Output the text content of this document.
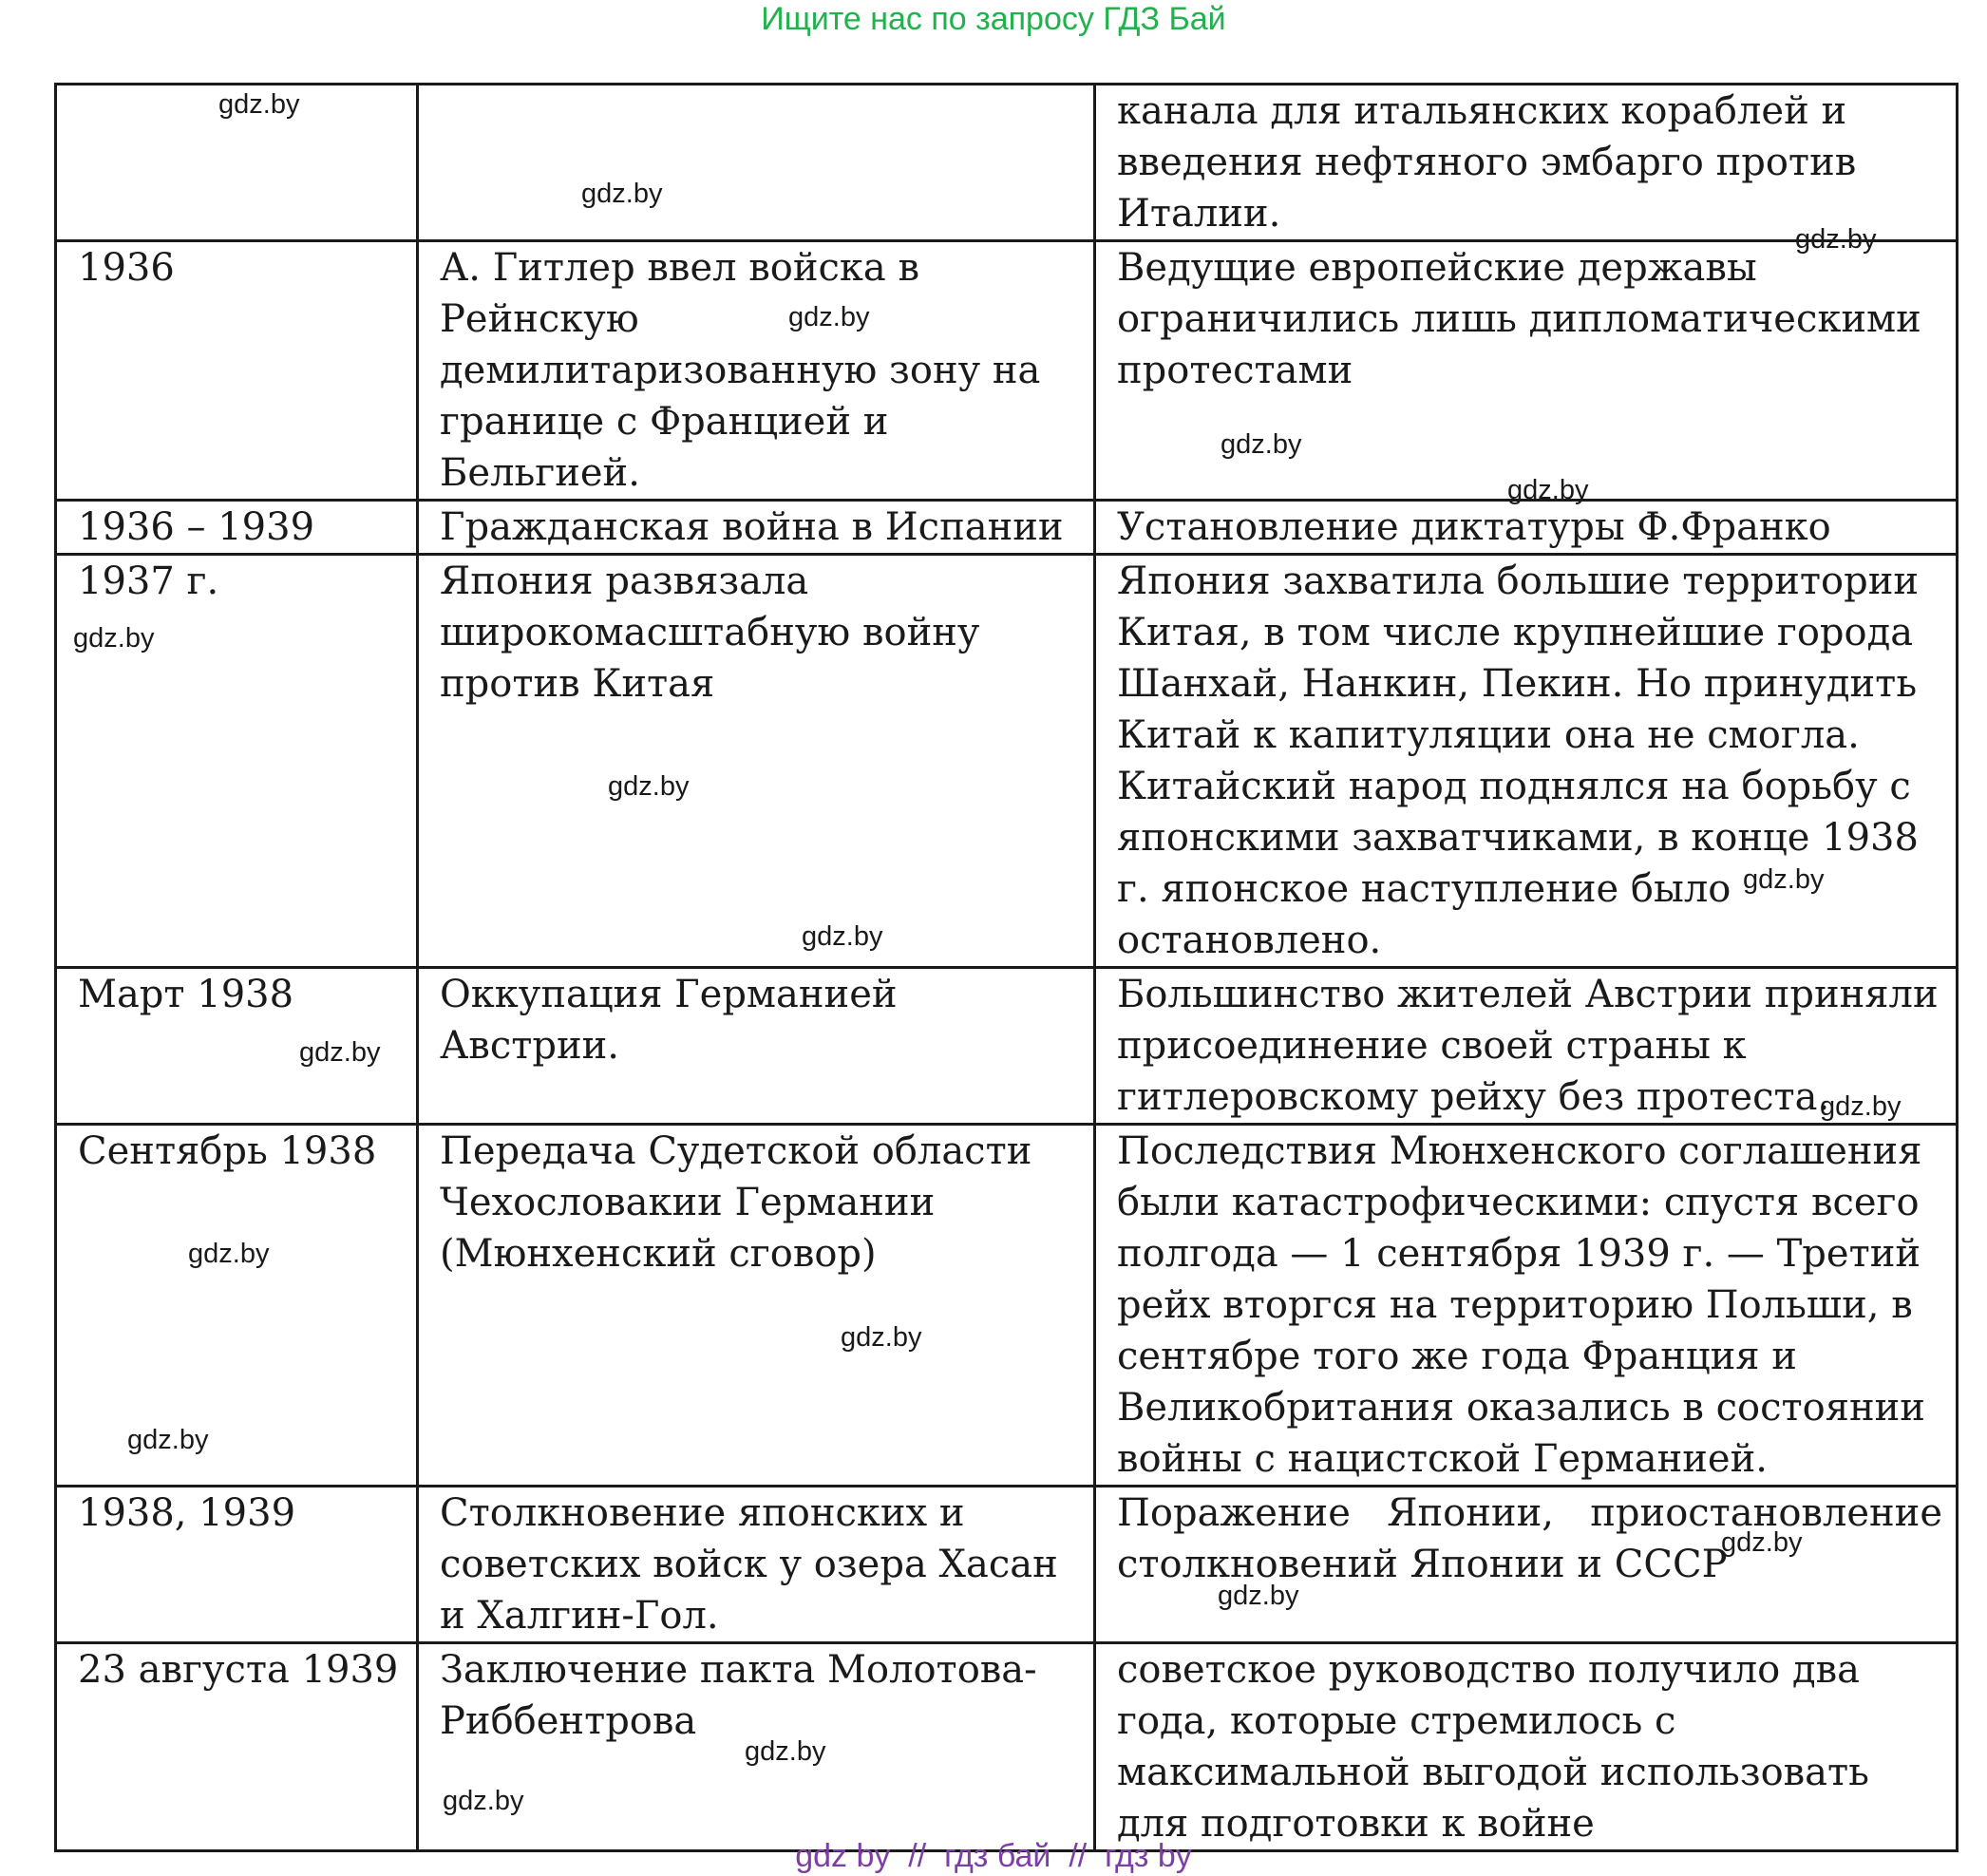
Ищите нас по запросу ГДЗ Бай
		канала для итальянских кораблей и введения нефтяного эмбарго против Италии.
1936	А. Гитлер ввел войска в Рейнскую демилитаризованную зону на границе с Францией и Бельгией.	Ведущие европейские державы ограничились лишь дипломатическими протестами
1936 – 1939	Гражданская война в Испании	Установление диктатуры Ф.Франко
1937 г.	Япония развязала широкомасштабную войну против Китая	Япония захватила большие территории Китая, в том числе крупнейшие города Шанхай, Нанкин, Пекин. Но принудить Китай к капитуляции она не смогла. Китайский народ поднялся на борьбу с японскими захватчиками, в конце 1938 г. японское наступление было остановлено.
Март 1938	Оккупация Германией Австрии.	Большинство жителей Австрии приняли присоединение своей страны к гитлеровскому рейху без протеста.
Сентябрь 1938	Передача Судетской области Чехословакии Германии (Мюнхенский сговор)	Последствия Мюнхенского соглашения были катастрофическими: спустя всего полгода — 1 сентября 1939 г. — Третий рейх вторгся на территорию Польши, в сентябре того же года Франция и Великобритания оказались в состоянии войны с нацистской Германией.
1938, 1939	Столкновение японских и советских войск у озера Хасан и Халгин-Гол.	Поражение Японии, приостановление столкновений Японии и СССР
23 августа 1939	Заключение пакта Молотова-Риббентрова	советское руководство получило два года, которые стремилось с максимальной выгодой использовать для подготовки к войне
gdz.by
gdz.by
gdz.by
gdz.by
gdz.by
gdz.by
gdz.by
gdz.by
gdz.by
gdz.by
gdz.by
gdz.by
gdz.by
gdz.by
gdz.by
gdz.by
gdz.by
gdz.by
gdz.by
gdz by  //  гдз бай  //  гдз by
